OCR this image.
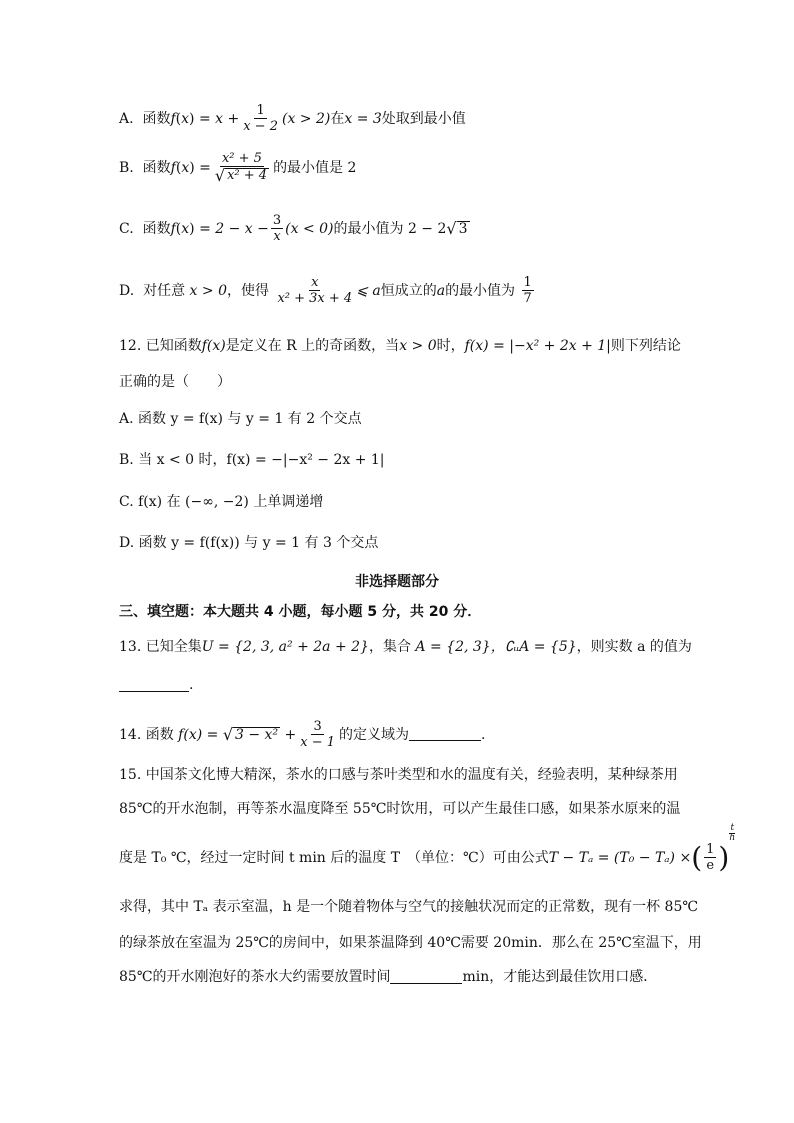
A.
函数 f ( x ) = $x + \frac{1}{x - 2} (x > 2)$ 在 x = 3 处取到最小值
B.
函数 f ( x ) = $\frac{\text{x² + 5}}{\text{√ x² + 4}}$ 的最小值是 2
C.
函数 f ( x ) = $2 - x - \frac{3}{x} (x < 0)$ 的最小值为
2 − 2 √ 3
D.
对任意
x > 0 ，使得
$\frac{x}{\text{x² + 3x + 4}}$ ⩽ a 恒成立的 a 的最小值为
$\frac{1}{7}$
12. 已知函数 f(x) 是定义在 R 上的奇函数，当 x > 0 时， f(x) = |−x² + 2x + 1| 则下列结论
正确的是（　　）
A. 函数 y = f(x) 与 y = 1 有 2 个交点
B. 当 x < 0 时，f(x) = −|−x² − 2x + 1|
C. f(x) 在 (−∞, −2) 上单调递增
D. 函数 y = f(f(x)) 与 y = 1 有 3 个交点
非选择题部分
三、填空题：本大题共 4 小题，每小题 5 分，共 20 分．
13. 已知全集 U = {2, 3, a² + 2a + 2} ，集合
A = {2, 3} ，∁ᵤA = {5} ，则实数 a 的值为
.
14. 函数
f(x) =
√ 3 − x²
+ $\frac{3}{x - 1}$ 的定义域为	.
15. 中国茶文化博大精深，茶水的口感与茶叶类型和水的温度有关，经验表明，某种绿茶用
85℃的开水泡制，再等茶水温度降至 55℃时饮用，可以产生最佳口感，如果茶水原来的温
度是 T₀ ℃，经过一定时间 t min 后的温度 T　（单位：℃）可由公式 T − Tₐ = (T₀ − Tₐ) × ( $\frac{1}{e}$ )
$\frac{t}{h}$
求得，其中 Tₐ 表示室温，h 是一个随着物体与空气的接触状况而定的正常数，现有一杯 85℃
的绿茶放在室温为 25℃的房间中，如果茶温降到 40℃需要 20min．那么在 25℃室温下，用
85℃的开水刚泡好的茶水大约需要放置时间	min，才能达到最佳饮用口感．
